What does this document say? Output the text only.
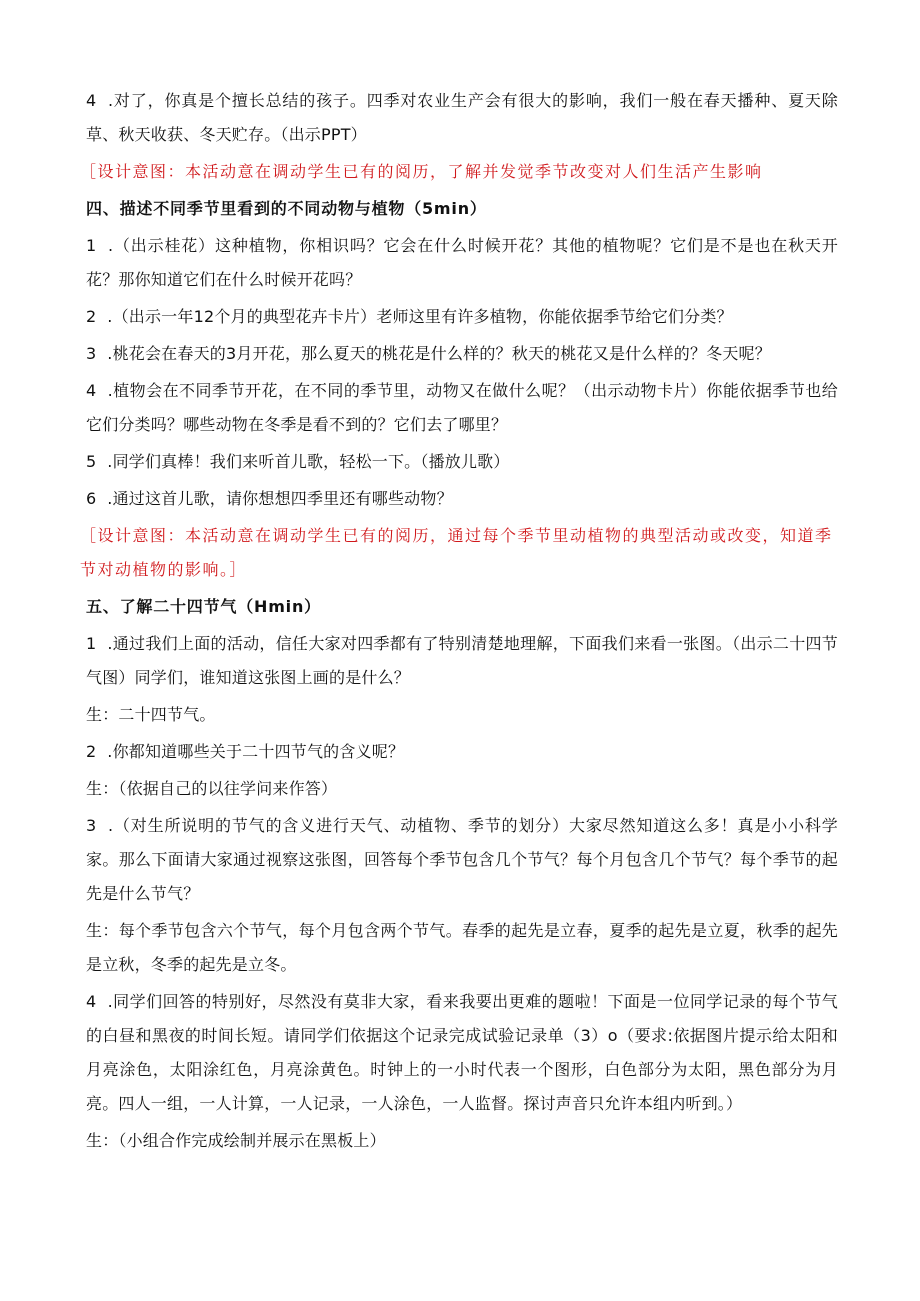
4 .对了，你真是个擅长总结的孩子。四季对农业生产会有很大的影响，我们一般在春天播种、夏天除草、秋天收获、冬天贮存。（出示PPT）

［设计意图：本活动意在调动学生已有的阅历，了解并发觉季节改变对人们生活产生影响

四、描述不同季节里看到的不同动物与植物（5min）

1 .（出示桂花）这种植物，你相识吗？它会在什么时候开花？其他的植物呢？它们是不是也在秋天开花？那你知道它们在什么时候开花吗？

2 .（出示一年12个月的典型花卉卡片）老师这里有许多植物，你能依据季节给它们分类？

3 .桃花会在春天的3月开花，那么夏天的桃花是什么样的？秋天的桃花又是什么样的？冬天呢？

4 .植物会在不同季节开花，在不同的季节里，动物又在做什么呢？（出示动物卡片）你能依据季节也给它们分类吗？哪些动物在冬季是看不到的？它们去了哪里？

5 .同学们真棒！我们来听首儿歌，轻松一下。（播放儿歌）

6 .通过这首儿歌，请你想想四季里还有哪些动物？

［设计意图：本活动意在调动学生已有的阅历，通过每个季节里动植物的典型活动或改变，知道季节对动植物的影响。］

五、了解二十四节气（Hmin）

1 .通过我们上面的活动，信任大家对四季都有了特别清楚地理解，下面我们来看一张图。（出示二十四节气图）同学们，谁知道这张图上画的是什么？

生：二十四节气。

2 .你都知道哪些关于二十四节气的含义呢？

生：（依据自己的以往学问来作答）

3 .（对生所说明的节气的含义进行天气、动植物、季节的划分）大家尽然知道这么多！真是小小科学家。那么下面请大家通过视察这张图，回答每个季节包含几个节气？每个月包含几个节气？每个季节的起先是什么节气？

生：每个季节包含六个节气，每个月包含两个节气。春季的起先是立春，夏季的起先是立夏，秋季的起先是立秋，冬季的起先是立冬。

4 .同学们回答的特别好，尽然没有莫非大家，看来我要出更难的题啦！下面是一位同学记录的每个节气的白昼和黑夜的时间长短。请同学们依据这个记录完成试验记录单（3）o（要求:依据图片提示给太阳和月亮涂色，太阳涂红色，月亮涂黄色。时钟上的一小时代表一个图形，白色部分为太阳，黑色部分为月亮。四人一组，一人计算，一人记录，一人涂色，一人监督。探讨声音只允许本组内听到。）

生：（小组合作完成绘制并展示在黑板上）
